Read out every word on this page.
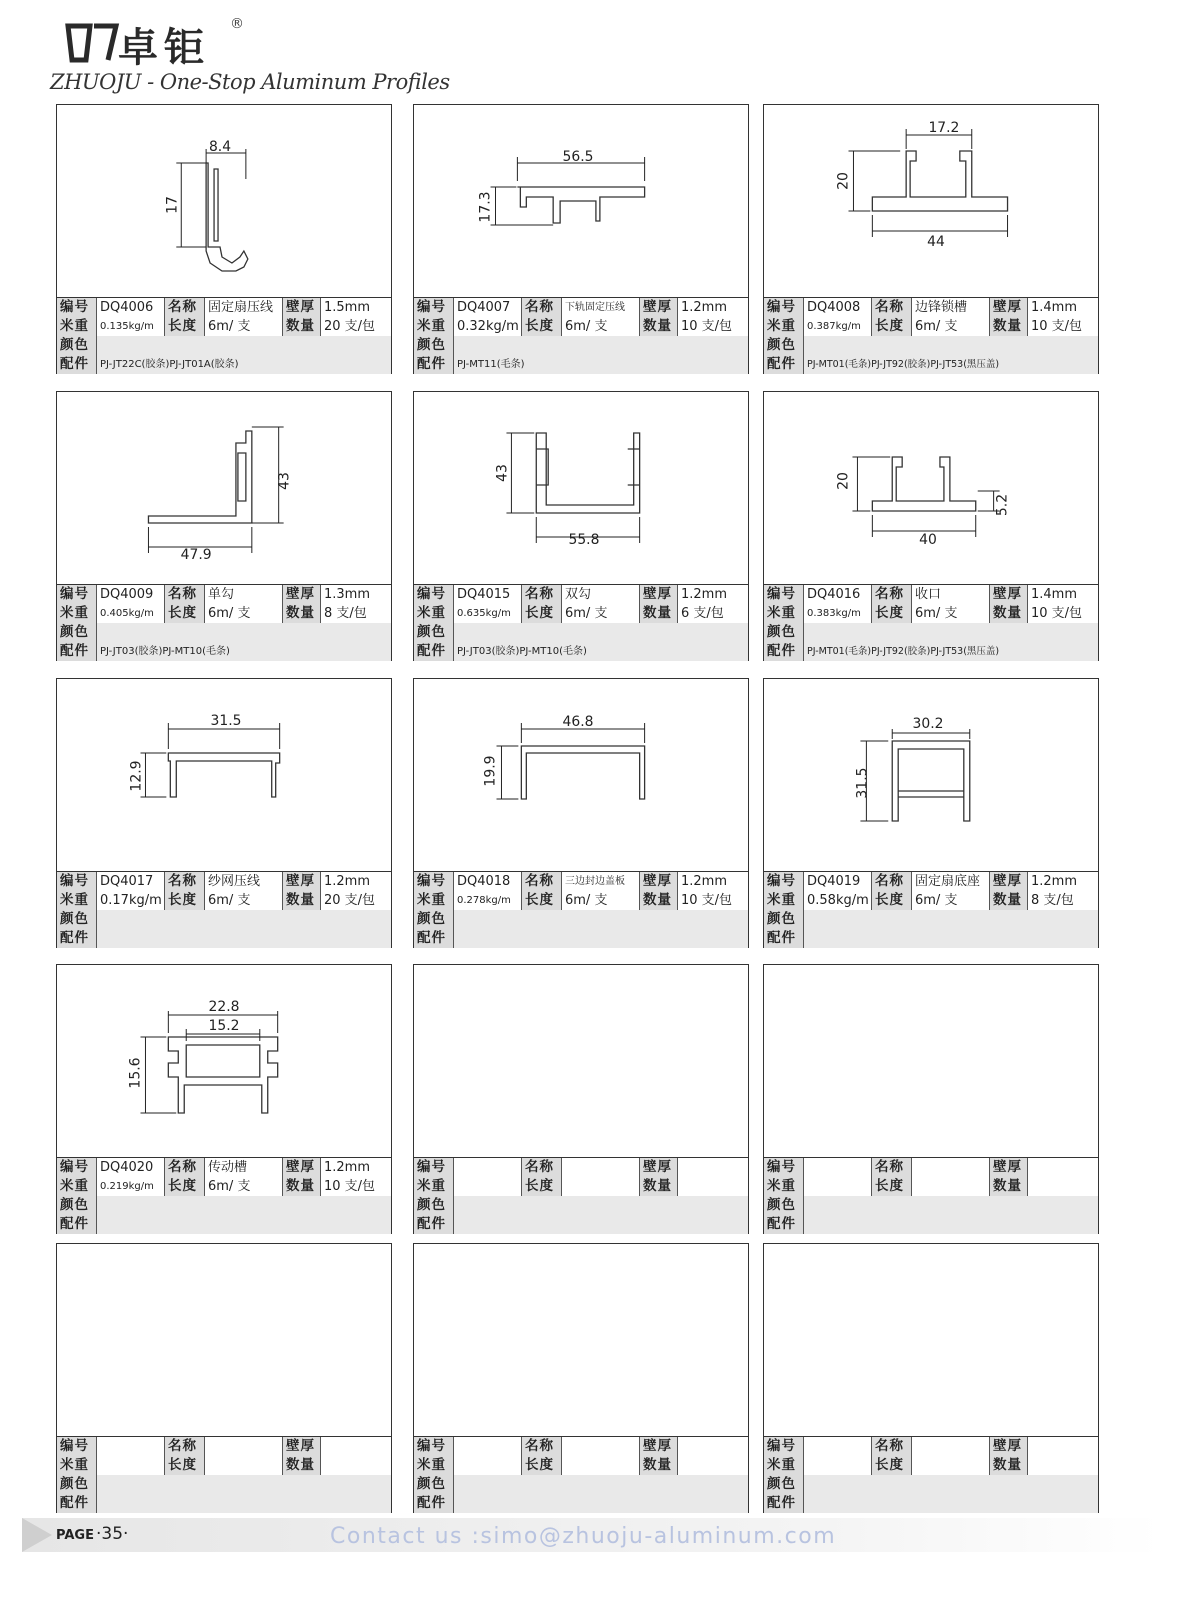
卓钜
®
ZHUOJU - One-Stop Aluminum Profiles
8.4
17
编号 DQ4006	名称 固定扇压线 壁厚 1.5mm
米重	0.135kg/m	长度 6m/ 支	数量 20 支/包
颜色
配件	PJ-JT22C(胶条)PJ-JT01A(胶条)
56.5
17.3
编号 DQ4007	名称	下轨固定压线	壁厚 1.2mm
米重 0.32kg/m 长度 6m/ 支	数量 10 支/包
颜色
配件	PJ-MT11(毛条)
17.2
20
44
编号 DQ4008	名称 边锋锁槽	壁厚 1.4mm
米重	0.387kg/m	长度 6m/ 支	数量 10 支/包
颜色
配件	PJ-MT01(毛条)PJ-JT92(胶条)PJ-JT53(黑压盖)
43
47.9
编号 DQ4009	名称 单勾	壁厚 1.3mm
米重	0.405kg/m	长度 6m/ 支	数量 8 支/包
颜色
配件	PJ-JT03(胶条)PJ-MT10(毛条)
43
55.8
编号 DQ4015	名称 双勾	壁厚 1.2mm
米重	0.635kg/m	长度 6m/ 支	数量 6 支/包
颜色
配件	PJ-JT03(胶条)PJ-MT10(毛条)
20
5.2
40
编号 DQ4016	名称 收口	壁厚 1.4mm
米重	0.383kg/m	长度 6m/ 支	数量 10 支/包
颜色
配件	PJ-MT01(毛条)PJ-JT92(胶条)PJ-JT53(黑压盖)
31.5
12.9
编号 DQ4017	名称 纱网压线	壁厚 1.2mm
米重 0.17kg/m 长度 6m/ 支	数量 20 支/包
颜色
配件
46.8
19.9
编号 DQ4018	名称	三边封边盖板	壁厚 1.2mm
米重	0.278kg/m	长度 6m/ 支	数量 10 支/包
颜色
配件
30.2
31.5
编号 DQ4019	名称 固定扇底座 壁厚 1.2mm
米重 0.58kg/m 长度 6m/ 支	数量 8 支/包
颜色
配件
22.8
15.2
15.6
编号 DQ4020	名称 传动槽	壁厚 1.2mm
米重	0.219kg/m	长度 6m/ 支	数量 10 支/包
颜色
配件
编号	名称	壁厚
米重	长度	数量
颜色
配件
编号	名称	壁厚
米重	长度	数量
颜色
配件
编号	名称	壁厚
米重	长度	数量
颜色
配件
编号	名称	壁厚
米重	长度	数量
颜色
配件
编号	名称	壁厚
米重	长度	数量
颜色
配件
PAGE ·35·	Contact us :simo@zhuoju-aluminum.com
